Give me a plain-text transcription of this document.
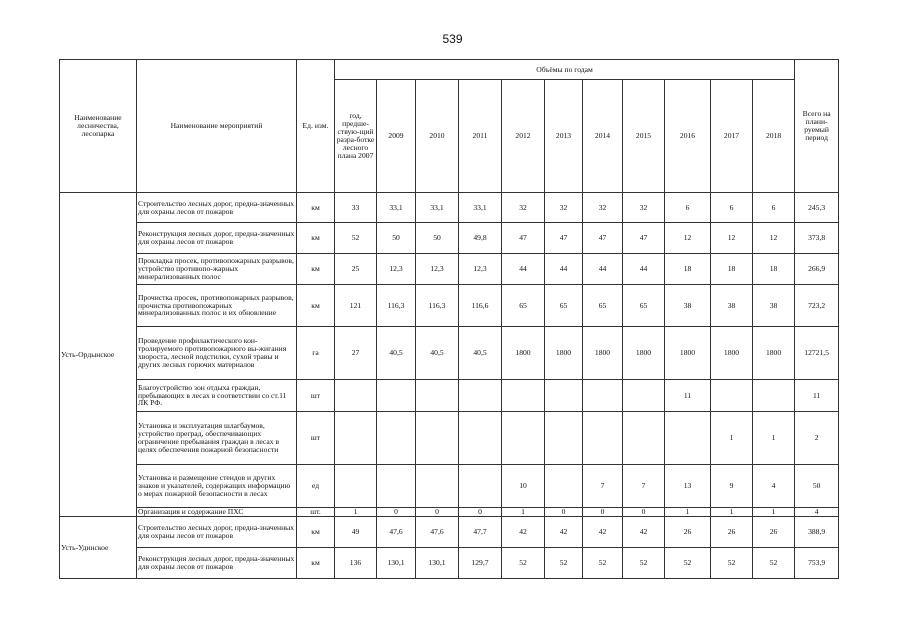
539
Наименование лесничества, лесопарка	Наименование мероприятий	Ед. изм.	Объёмы по годам											Всего на плани-руемый период
			год, предше-ствую-щий разра-ботке лесного плана 2007	2009	2010	2011	2012	2013	2014	2015	2016	2017	2018	
Усть-Ордынское	Строительство лесных дорог, предна-значенных для охраны лесов от пожаров	км	33	33,1	33,1	33,1	32	32	32	32	6	6	6	245,3
	Реконструкция лесных дорог, предна-значенных для охраны лесов от пожаров	км	52	50	50	49,8	47	47	47	47	12	12	12	373,8
	Прокладка просек, противопожарных разрывов, устройство противопо-жарных минерализованных полос	км	25	12,3	12,3	12,3	44	44	44	44	18	18	18	266,9
	Прочистка просек, противопожарных разрывов, прочистка противопожарных минерализованных полос и их обновление	км	121	116,3	116,3	116,6	65	65	65	65	38	38	38	723,2
	Проведение профилактического кон-тролируемого противопожарного вы-жигания хвороста, лесной подстилки, сухой травы и других лесных горючих материалов	га	27	40,5	40,5	40,5	1800	1800	1800	1800	1800	1800	1800	12721,5
	Благоустройство зон отдыха граждан, пребывающих в лесах в соответствии со ст.11 ЛК РФ.	шт									11			11
	Установка и эксплуатация шлагбаумов, устройство преград, обеспечивающих ограничение пребывания граждан в лесах в целях обеспечения пожарной безопасности	шт										1	1	2
	Установка и размещение стендов и других знаков и указателей, содержащих информацию о мерах пожарной безопасности в лесах	ед					10		7	7	13	9	4	50
	Организация и содержание ПХС	шт.	1	0	0	0	1	0	0	0	1	1	1	4
Усть-Удинское	Строительство лесных дорог, предна-значенных для охраны лесов от пожаров	км	49	47,6	47,6	47,7	42	42	42	42	26	26	26	388,9
	Реконструкция лесных дорог, предна-значенных для охраны лесов от пожаров	км	136	130,1	130,1	129,7	52	52	52	52	52	52	52	753,9
